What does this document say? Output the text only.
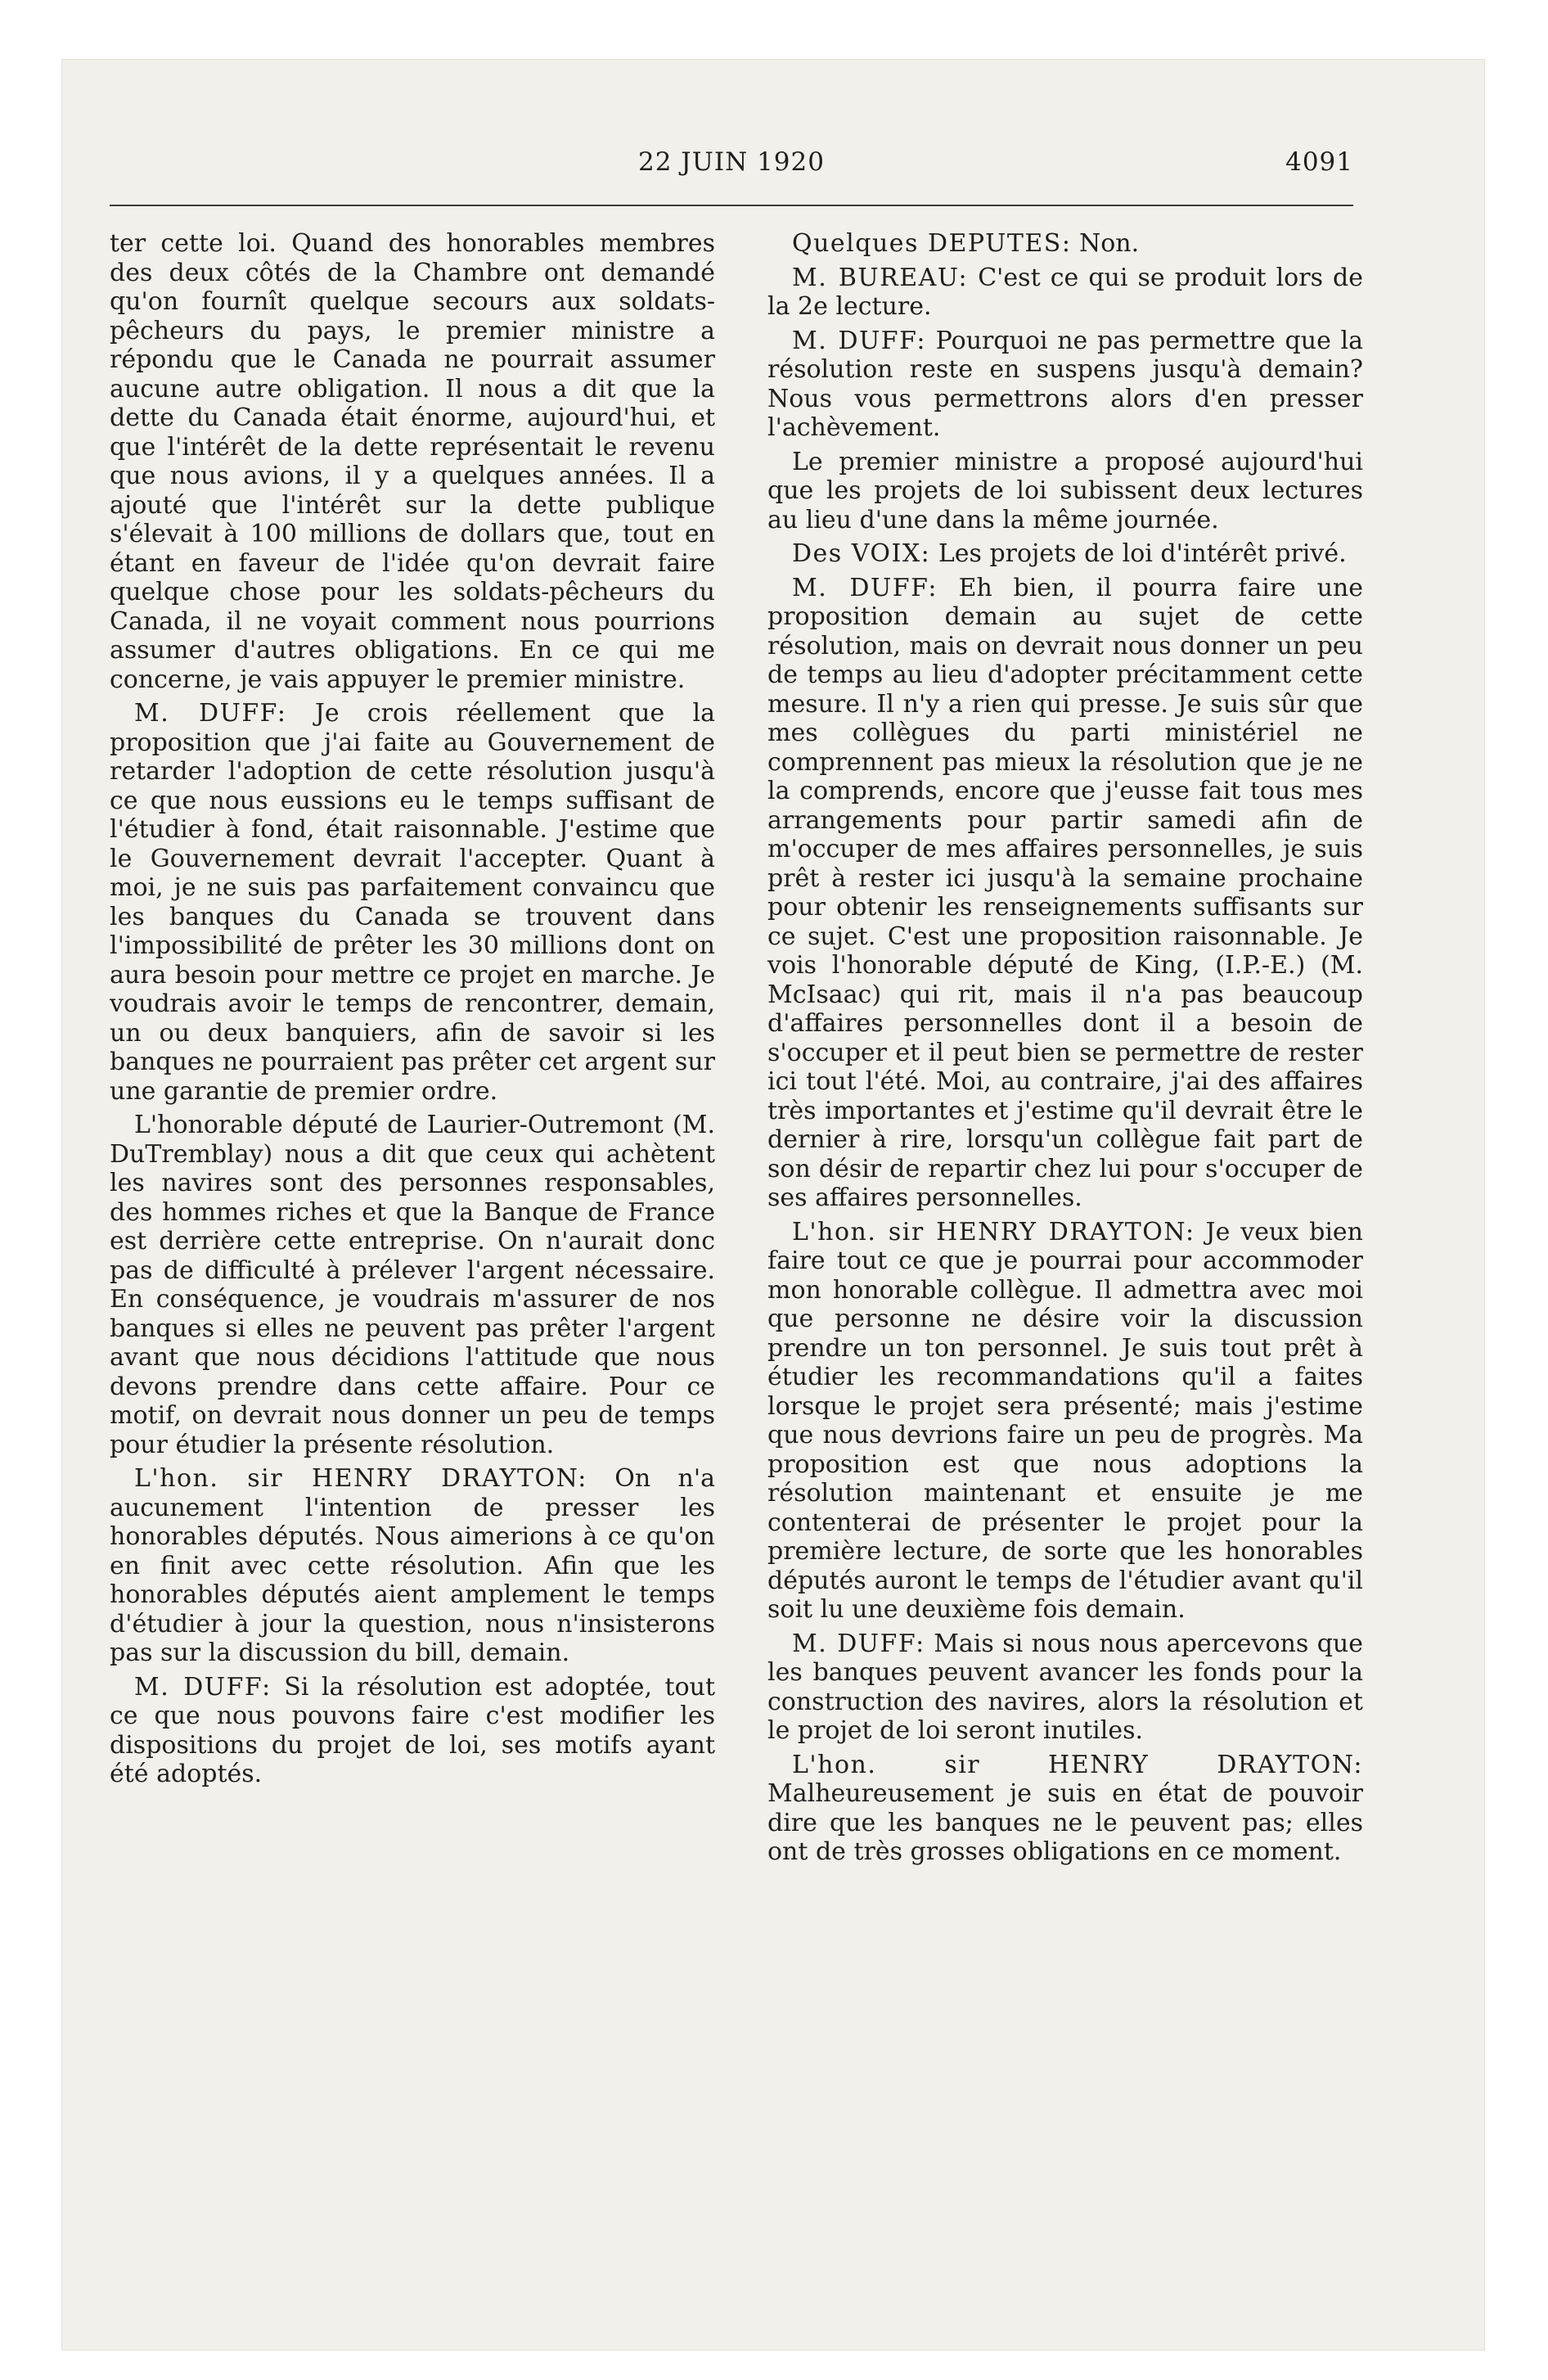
22 JUIN 1920	4091

ter cette loi. Quand des honorables membres des deux côtés de la Chambre ont demandé qu'on fournît quelque secours aux soldats-pêcheurs du pays, le premier ministre a répondu que le Canada ne pourrait assumer aucune autre obligation. Il nous a dit que la dette du Canada était énorme, aujourd'hui, et que l'intérêt de la dette représentait le revenu que nous avions, il y a quelques années. Il a ajouté que l'intérêt sur la dette publique s'élevait à 100 millions de dollars que, tout en étant en faveur de l'idée qu'on devrait faire quelque chose pour les soldats-pêcheurs du Canada, il ne voyait comment nous pourrions assumer d'autres obligations. En ce qui me concerne, je vais appuyer le premier ministre.

M. DUFF: Je crois réellement que la proposition que j'ai faite au Gouvernement de retarder l'adoption de cette résolution jusqu'à ce que nous eussions eu le temps suffisant de l'étudier à fond, était raisonnable. J'estime que le Gouvernement devrait l'accepter. Quant à moi, je ne suis pas parfaitement convaincu que les banques du Canada se trouvent dans l'impossibilité de prêter les 30 millions dont on aura besoin pour mettre ce projet en marche. Je voudrais avoir le temps de rencontrer, demain, un ou deux banquiers, afin de savoir si les banques ne pourraient pas prêter cet argent sur une garantie de premier ordre.

L'honorable député de Laurier-Outremont (M. DuTremblay) nous a dit que ceux qui achètent les navires sont des personnes responsables, des hommes riches et que la Banque de France est derrière cette entreprise. On n'aurait donc pas de difficulté à prélever l'argent nécessaire. En conséquence, je voudrais m'assurer de nos banques si elles ne peuvent pas prêter l'argent avant que nous décidions l'attitude que nous devons prendre dans cette affaire. Pour ce motif, on devrait nous donner un peu de temps pour étudier la présente résolution.

L'hon. sir HENRY DRAYTON: On n'a aucunement l'intention de presser les honorables députés. Nous aimerions à ce qu'on en finit avec cette résolution. Afin que les honorables députés aient amplement le temps d'étudier à jour la question, nous n'insisterons pas sur la discussion du bill, demain.

M. DUFF: Si la résolution est adoptée, tout ce que nous pouvons faire c'est modifier les dispositions du projet de loi, ses motifs ayant été adoptés.

Quelques DEPUTES: Non.

M. BUREAU: C'est ce qui se produit lors de la 2e lecture.

M. DUFF: Pourquoi ne pas permettre que la résolution reste en suspens jusqu'à demain? Nous vous permettrons alors d'en presser l'achèvement.

Le premier ministre a proposé aujourd'hui que les projets de loi subissent deux lectures au lieu d'une dans la même journée.

Des VOIX: Les projets de loi d'intérêt privé.

M. DUFF: Eh bien, il pourra faire une proposition demain au sujet de cette résolution, mais on devrait nous donner un peu de temps au lieu d'adopter précitamment cette mesure. Il n'y a rien qui presse. Je suis sûr que mes collègues du parti ministériel ne comprennent pas mieux la résolution que je ne la comprends, encore que j'eusse fait tous mes arrangements pour partir samedi afin de m'occuper de mes affaires personnelles, je suis prêt à rester ici jusqu'à la semaine prochaine pour obtenir les renseignements suffisants sur ce sujet. C'est une proposition raisonnable. Je vois l'honorable député de King, (I.P.-E.) (M. McIsaac) qui rit, mais il n'a pas beaucoup d'affaires personnelles dont il a besoin de s'occuper et il peut bien se permettre de rester ici tout l'été. Moi, au contraire, j'ai des affaires très importantes et j'estime qu'il devrait être le dernier à rire, lorsqu'un collègue fait part de son désir de repartir chez lui pour s'occuper de ses affaires personnelles.

L'hon. sir HENRY DRAYTON: Je veux bien faire tout ce que je pourrai pour accommoder mon honorable collègue. Il admettra avec moi que personne ne désire voir la discussion prendre un ton personnel. Je suis tout prêt à étudier les recommandations qu'il a faites lorsque le projet sera présenté; mais j'estime que nous devrions faire un peu de progrès. Ma proposition est que nous adoptions la résolution maintenant et ensuite je me contenterai de présenter le projet pour la première lecture, de sorte que les honorables députés auront le temps de l'étudier avant qu'il soit lu une deuxième fois demain.

M. DUFF: Mais si nous nous apercevons que les banques peuvent avancer les fonds pour la construction des navires, alors la résolution et le projet de loi seront inutiles.

L'hon. sir HENRY DRAYTON: Malheureusement je suis en état de pouvoir dire que les banques ne le peuvent pas; elles ont de très grosses obligations en ce moment.
